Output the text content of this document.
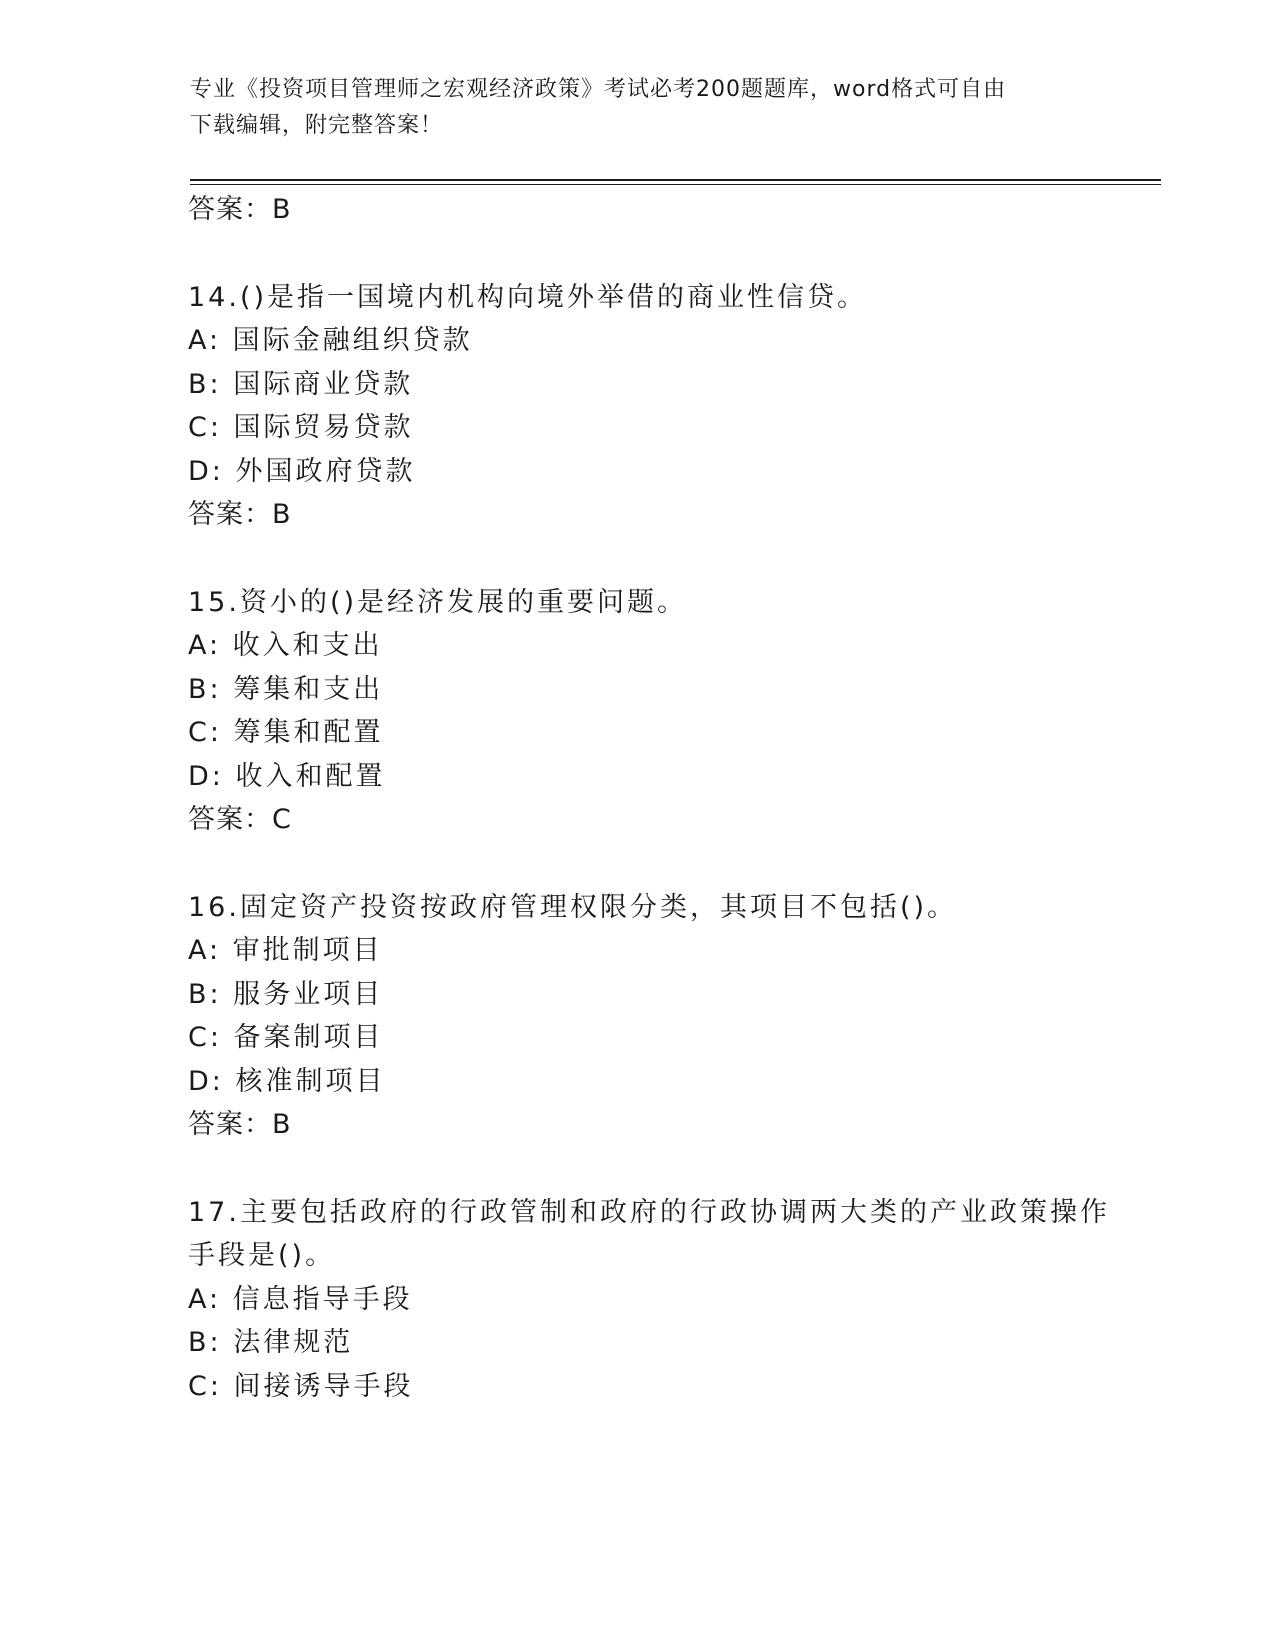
专业《投资项目管理师之宏观经济政策》考试必考200题题库，word格式可自由
下载编辑，附完整答案！
答案：B
14.()是指一国境内机构向境外举借的商业性信贷。
A: 国际金融组织贷款
B: 国际商业贷款
C: 国际贸易贷款
D: 外国政府贷款
答案：B
15.资小的()是经济发展的重要问题。
A: 收入和支出
B: 筹集和支出
C: 筹集和配置
D: 收入和配置
答案：C
16.固定资产投资按政府管理权限分类，其项目不包括()。
A: 审批制项目
B: 服务业项目
C: 备案制项目
D: 核准制项目
答案：B
17.主要包括政府的行政管制和政府的行政协调两大类的产业政策操作
手段是()。
A: 信息指导手段
B: 法律规范
C: 间接诱导手段
